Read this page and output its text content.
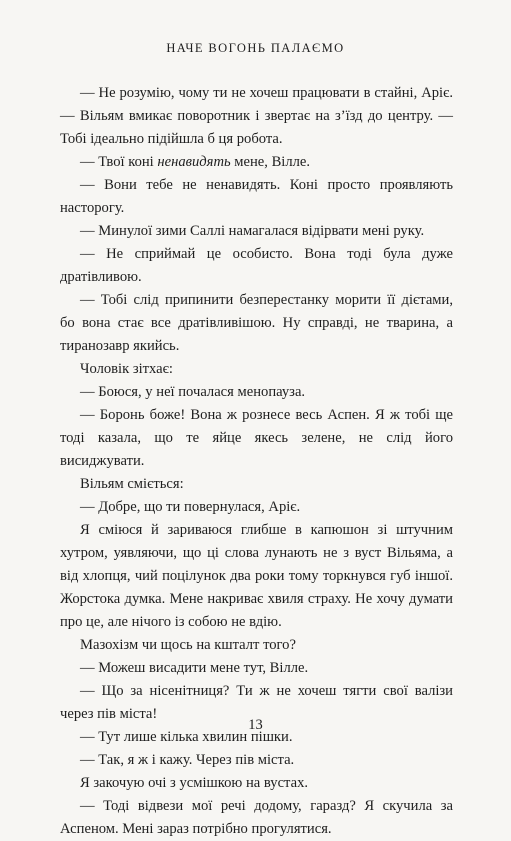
НАЧЕ ВОГОНЬ ПАЛАЄМО

— Не розумію, чому ти не хочеш працювати в стайні, Аріє. — Вільям вмикає поворотник і звертає на з’їзд до центру. — Тобі ідеально підійшла б ця робота.

— Твої коні ненавидять мене, Вілле.

— Вони тебе не ненавидять. Коні просто проявляють насторогу.

— Минулої зими Саллі намагалася відірвати мені руку.

— Не сприймай це особисто. Вона тоді була дуже дратівливою.

— Тобі слід припинити безперестанку морити її дієтами, бо вона стає все дратівливішою. Ну справді, не тварина, а тиранозавр якийсь.

Чоловік зітхає:

— Боюся, у неї почалася менопауза.

— Боронь боже! Вона ж рознесе весь Аспен. Я ж тобі ще тоді казала, що те яйце якесь зелене, не слід його висиджувати.

Вільям сміється:

— Добре, що ти повернулася, Аріє.

Я сміюся й зариваюся глибше в капюшон зі штучним хутром, уявляючи, що ці слова лунають не з вуст Вільяма, а від хлопця, чий поцілунок два роки тому торкнувся губ іншої. Жорстока думка. Мене накриває хвиля страху. Не хочу думати про це, але нічого із собою не вдію.

Мазохізм чи щось на кшталт того?

— Можеш висадити мене тут, Вілле.

— Що за нісенітниця? Ти ж не хочеш тягти свої валізи через пів міста!

— Тут лише кілька хвилин пішки.

— Так, я ж і кажу. Через пів міста.

Я закочую очі з усмішкою на вустах.

— Тоді відвези мої речі додому, гаразд? Я скучила за Аспеном. Мені зараз потрібно прогулятися.

13
